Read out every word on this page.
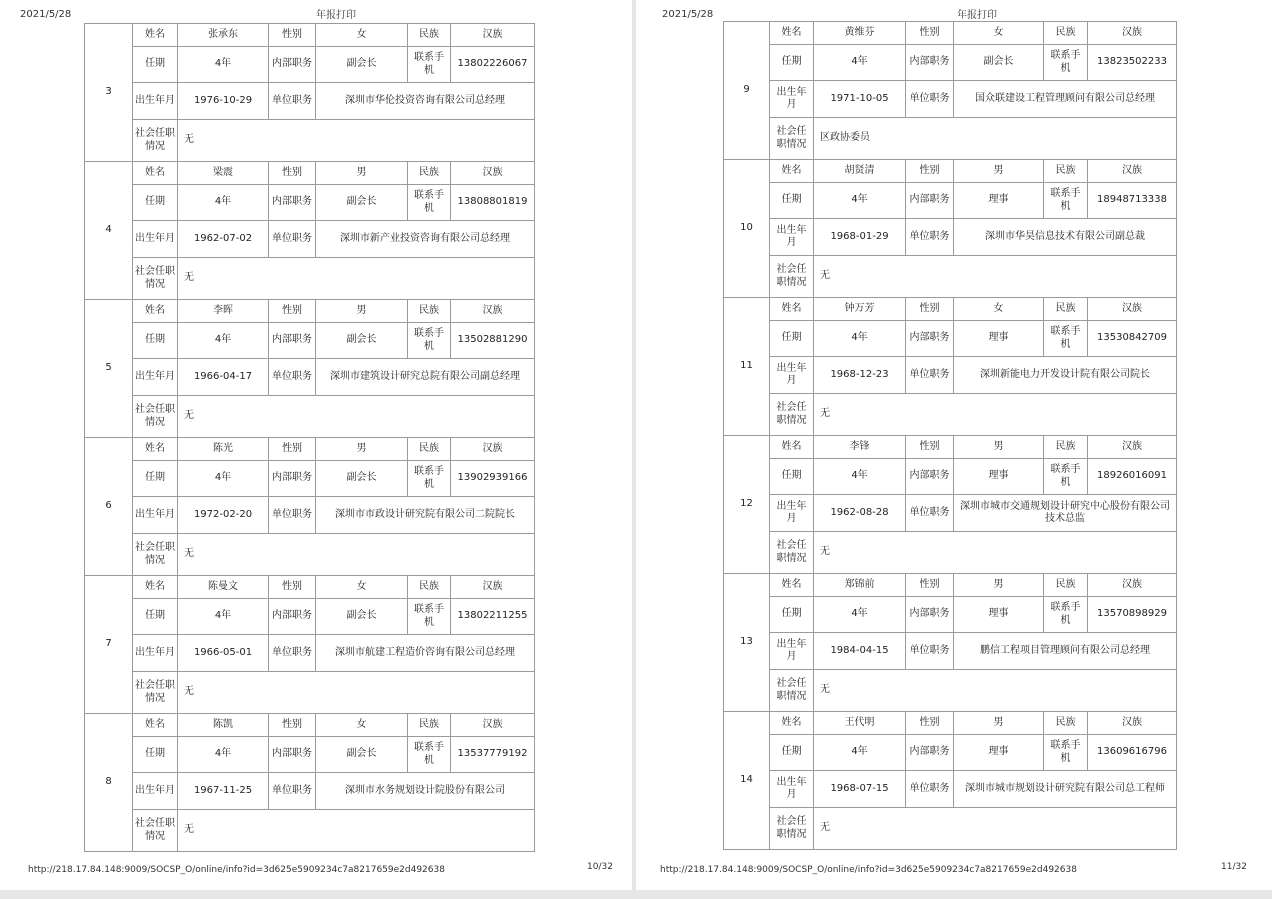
2021/5/28	年报打印
3	姓名	张承东	性别	女	民族	汉族
	任期	4年	内部职务	副会长	联系手机	13802226067
	出生年月	1976-10-29	单位职务	深圳市华伦投资咨询有限公司总经理		
	社会任职情况	无				
4	姓名	梁震	性别	男	民族	汉族
	任期	4年	内部职务	副会长	联系手机	13808801819
	出生年月	1962-07-02	单位职务	深圳市新产业投资咨询有限公司总经理		
	社会任职情况	无				
5	姓名	李晖	性别	男	民族	汉族
	任期	4年	内部职务	副会长	联系手机	13502881290
	出生年月	1966-04-17	单位职务	深圳市建筑设计研究总院有限公司副总经理		
	社会任职情况	无				
6	姓名	陈光	性别	男	民族	汉族
	任期	4年	内部职务	副会长	联系手机	13902939166
	出生年月	1972-02-20	单位职务	深圳市市政设计研究院有限公司二院院长		
	社会任职情况	无				
7	姓名	陈曼文	性别	女	民族	汉族
	任期	4年	内部职务	副会长	联系手机	13802211255
	出生年月	1966-05-01	单位职务	深圳市航建工程造价咨询有限公司总经理		
	社会任职情况	无				
8	姓名	陈凯	性别	女	民族	汉族
	任期	4年	内部职务	副会长	联系手机	13537779192
	出生年月	1967-11-25	单位职务	深圳市水务规划设计院股份有限公司		
	社会任职情况	无				
http://218.17.84.148:9009/SOCSP_O/online/info?id=3d625e5909234c7a8217659e2d492638	10/32
2021/5/28	年报打印
9	姓名	黄维芬	性别	女	民族	汉族
	任期	4年	内部职务	副会长	联系手机	13823502233
	出生年月	1971-10-05	单位职务	国众联建设工程管理顾问有限公司总经理		
	社会任职情况	区政协委员				
10	姓名	胡贤清	性别	男	民族	汉族
	任期	4年	内部职务	理事	联系手机	18948713338
	出生年月	1968-01-29	单位职务	深圳市华昊信息技术有限公司副总裁		
	社会任职情况	无				
11	姓名	钟万芳	性别	女	民族	汉族
	任期	4年	内部职务	理事	联系手机	13530842709
	出生年月	1968-12-23	单位职务	深圳新能电力开发设计院有限公司院长		
	社会任职情况	无				
12	姓名	李锋	性别	男	民族	汉族
	任期	4年	内部职务	理事	联系手机	18926016091
	出生年月	1962-08-28	单位职务	深圳市城市交通规划设计研究中心股份有限公司技术总监		
	社会任职情况	无				
13	姓名	郑锦前	性别	男	民族	汉族
	任期	4年	内部职务	理事	联系手机	13570898929
	出生年月	1984-04-15	单位职务	鹏信工程项目管理顾问有限公司总经理		
	社会任职情况	无				
14	姓名	王代明	性别	男	民族	汉族
	任期	4年	内部职务	理事	联系手机	13609616796
	出生年月	1968-07-15	单位职务	深圳市城市规划设计研究院有限公司总工程师		
	社会任职情况	无				
http://218.17.84.148:9009/SOCSP_O/online/info?id=3d625e5909234c7a8217659e2d492638	11/32
